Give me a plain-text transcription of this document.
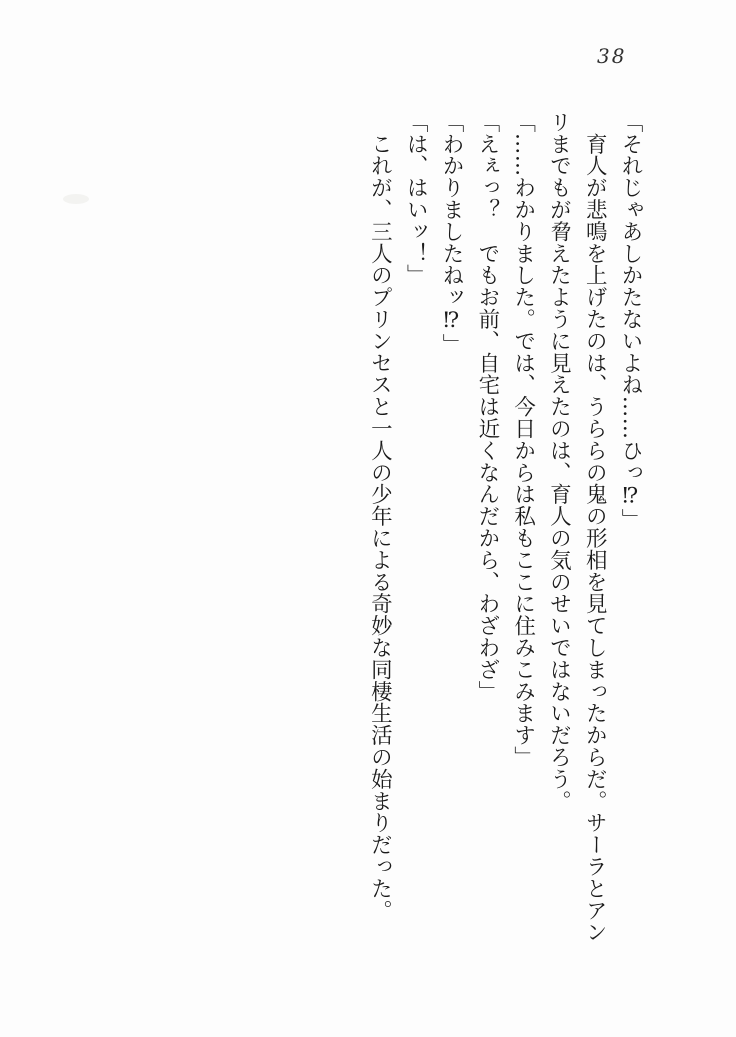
38

「それじゃあしかたないよね……ひっ⁉」

　育人が悲鳴を上げたのは、うららの鬼の形相を見てしまったからだ。サーラとアン

リまでもが脅えたように見えたのは、育人の気のせいではないだろう。

「……わかりました。では、今日からは私もここに住みこみます」

「えぇっ？　でもお前、自宅は近くなんだから、わざわざ」

「わかりましたねッ⁉」

「は、はいッ！」

　これが、三人のプリンセスと一人の少年による奇妙な同棲生活の始まりだった。
